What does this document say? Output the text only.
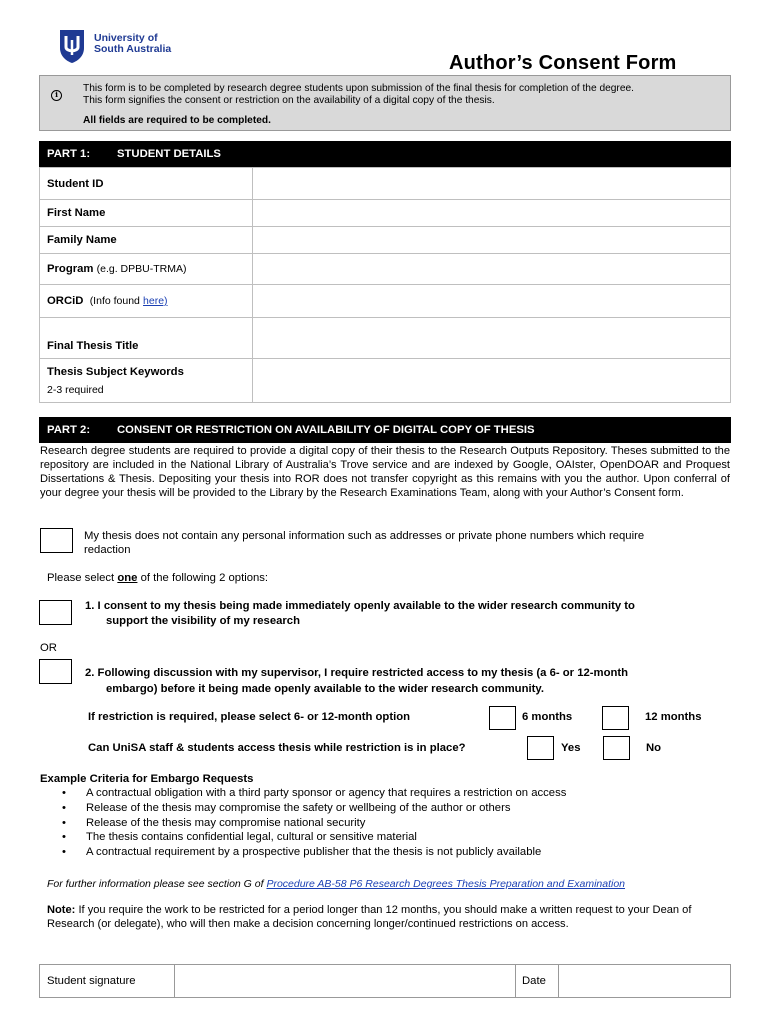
University of
South Australia
Author’s Consent Form
i
This form is to be completed by research degree students upon submission of the final thesis for completion of the degree.
This form signifies the consent or restriction on the availability of a digital copy of the thesis.
All fields are required to be completed.
PART 1: STUDENT DETAILS
Student ID	
First Name	
Family Name	
Program (e.g. DPBU-TRMA)	
ORCiD (Info found here)	
Final Thesis Title	

Thesis Subject Keywords
2-3 required	

PART 2: CONSENT OR RESTRICTION ON AVAILABILITY OF DIGITAL COPY OF THESIS
Research degree students are required to provide a digital copy of their thesis to the Research Outputs Repository. Theses submitted to the repository are included in the National Library of Australia’s Trove service and are indexed by Google, OAIster, OpenDOAR and Proquest Dissertations & Thesis. Depositing your thesis into ROR does not transfer copyright as this remains with you the author. Upon conferral of your degree your thesis will be provided to the Library by the Research Examinations Team, along with your Author’s Consent form.
My thesis does not contain any personal information such as addresses or private phone numbers which require
redaction
Please select one of the following 2 options:
1. I consent to my thesis being made immediately openly available to the wider research community to
support the visibility of my research
OR
2. Following discussion with my supervisor, I require restricted access to my thesis (a 6- or 12-month
embargo) before it being made openly available to the wider research community.
If restriction is required, please select 6- or 12-month option	6 months	12 months
Can UniSA staff & students access thesis while restriction is in place?	Yes	No
Example Criteria for Embargo Requests
• A contractual obligation with a third party sponsor or agency that requires a restriction on access
• Release of the thesis may compromise the safety or wellbeing of the author or others
• Release of the thesis may compromise national security
• The thesis contains confidential legal, cultural or sensitive material
• A contractual requirement by a prospective publisher that the thesis is not publicly available
For further information please see section G of Procedure AB-58 P6 Research Degrees Thesis Preparation and Examination
Note: If you require the work to be restricted for a period longer than 12 months, you should make a written request to your Dean of Research (or delegate), who will then make a decision concerning longer/continued restrictions on access.
Student signature	Date
